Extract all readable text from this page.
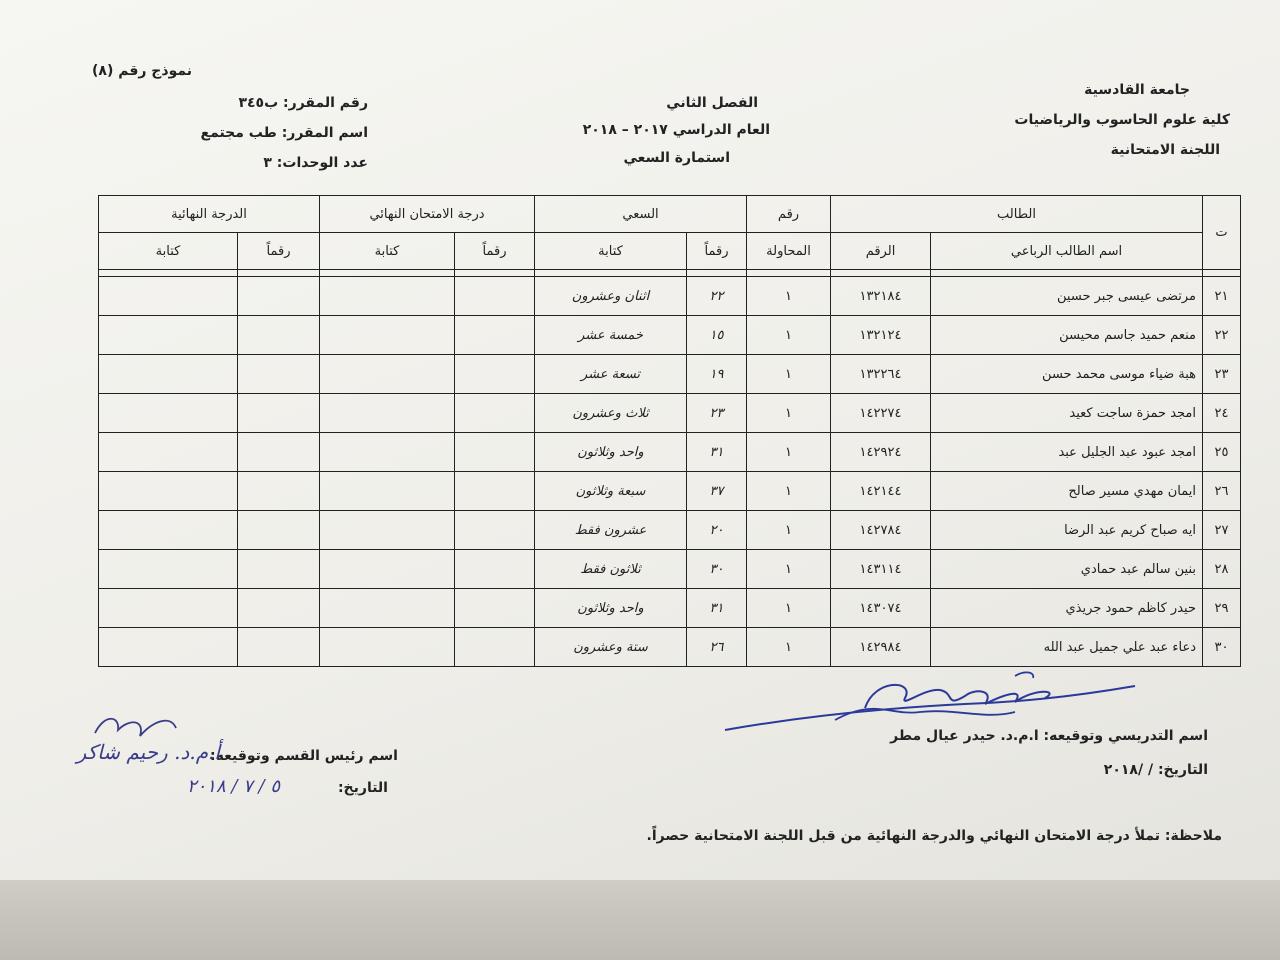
جامعة القادسية
كلية علوم الحاسوب والرياضيات
اللجنة الامتحانية
الفصل الثاني
العام الدراسي ٢٠١٧ – ٢٠١٨
استمارة السعي
نموذج رقم (٨)
رقم المقرر: ب٣٤٥
اسم المقرر: طب مجتمع
عدد الوحدات: ٣
ت	الطالب		رقم	السعي		درجة الامتحان النهائي		الدرجة النهائية	
	اسم الطالب الرباعي	الرقم	المحاولة	رقماً	كتابة	رقماً	كتابة	رقماً	كتابة

٢١	مرتضى عيسى جبر حسين	١٣٢١٨٤	١	٢٢	اثنان وعشرون				
٢٢	منعم حميد جاسم محيسن	١٣٢١٢٤	١	١٥	خمسة عشر				
٢٣	هبة ضياء موسى محمد حسن	١٣٢٢٦٤	١	١٩	تسعة عشر				
٢٤	امجد حمزة ساجت كعيد	١٤٢٢٧٤	١	٢٣	ثلاث وعشرون				
٢٥	امجد عبود عبد الجليل عبد	١٤٢٩٢٤	١	٣١	واحد وثلاثون				
٢٦	ايمان مهدي مسير صالح	١٤٢١٤٤	١	٣٧	سبعة وثلاثون				
٢٧	ايه صباح كريم عبد الرضا	١٤٢٧٨٤	١	٢٠	عشرون فقط				
٢٨	بنين سالم عبد حمادي	١٤٣١١٤	١	٣٠	ثلاثون فقط				
٢٩	حيدر كاظم حمود جريذي	١٤٣٠٧٤	١	٣١	واحد وثلاثون				
٣٠	دعاء عبد علي جميل عبد الله	١٤٢٩٨٤	١	٢٦	ستة وعشرون				
اسم التدريسي وتوقيعه: ا.م.د. حيدر عيال مطر
التاريخ: / /٢٠١٨
اسم رئيس القسم وتوقيعه:
أ.م.د. رحيم شاكر
التاريخ:
٥ / ٧ / ٢٠١٨
ملاحظة: تملأ درجة الامتحان النهائي والدرجة النهائية من قبل اللجنة الامتحانية حصراً.
